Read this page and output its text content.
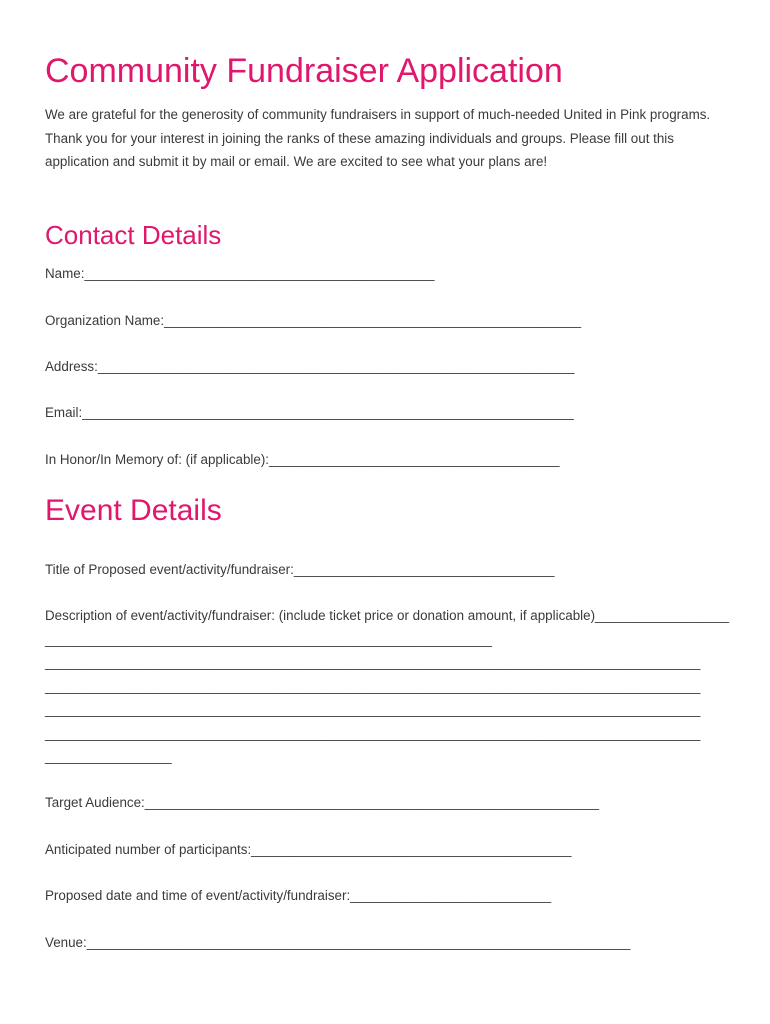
Community Fundraiser Application

We are grateful for the generosity of community fundraisers in support of much-needed United in Pink programs. Thank you for your interest in joining the ranks of these amazing individuals and groups. Please fill out this application and submit it by mail or email. We are excited to see what your plans are!

Contact Details

Name:_______________________________________________

Organization Name:________________________________________________________

Address:________________________________________________________________

Email:__________________________________________________________________

In Honor/In Memory of: (if applicable):_______________________________________

Event Details

Title of Proposed event/activity/fundraiser:___________________________________

Description of event/activity/fundraiser: (include ticket price or donation amount, if applicable)______________________________________________________________________________
________________________________________________________________________________________
________________________________________________________________________________________
________________________________________________________________________________________
________________________________________________________________________________________
_________________

Target Audience:_____________________________________________________________

Anticipated number of participants:___________________________________________

Proposed date and time of event/activity/fundraiser:___________________________

Venue:_________________________________________________________________________
